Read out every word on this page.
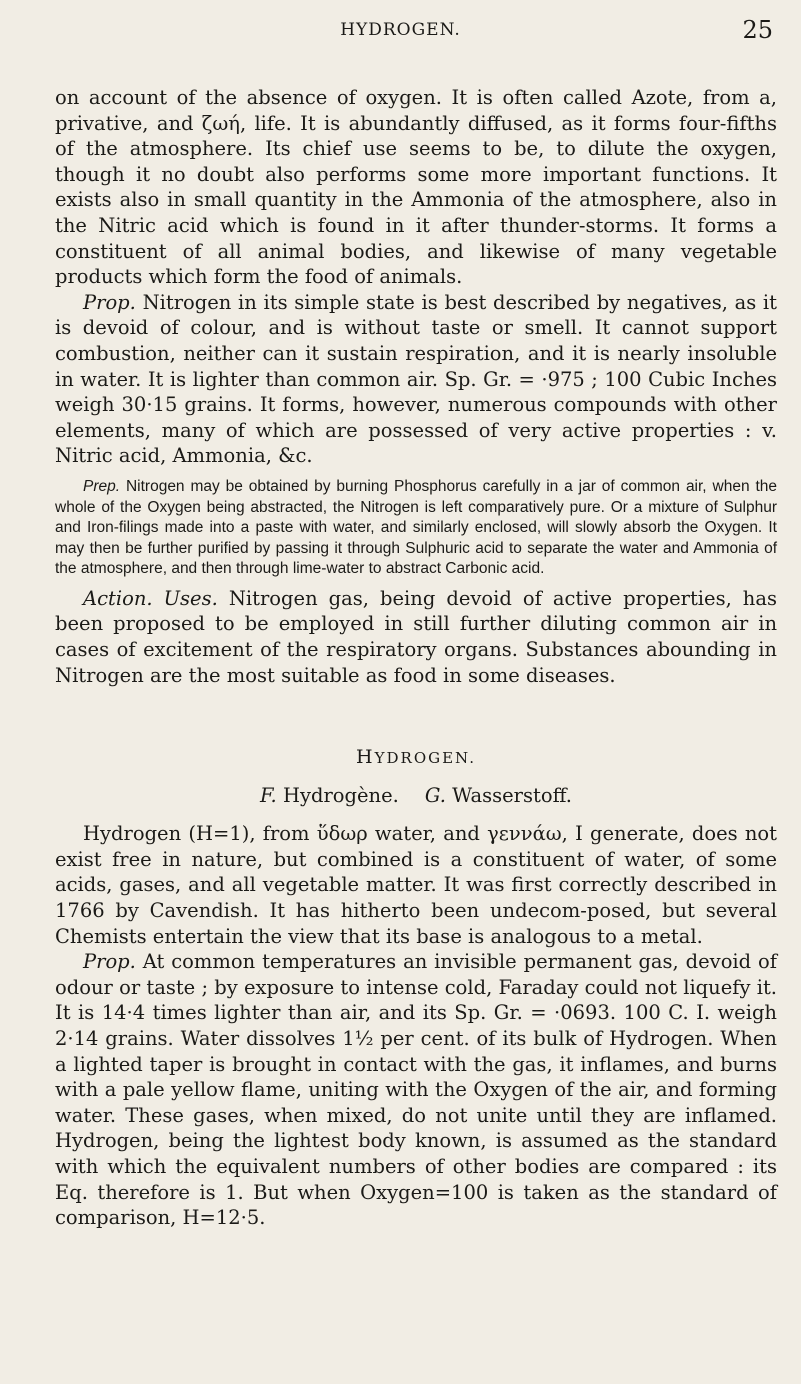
HYDROGEN.	25

on account of the absence of oxygen. It is often called Azote, from a, privative, and ζωή, life. It is abundantly diffused, as it forms four-fifths of the atmosphere. Its chief use seems to be, to dilute the oxygen, though it no doubt also performs some more important functions. It exists also in small quantity in the Ammonia of the atmosphere, also in the Nitric acid which is found in it after thunder-storms. It forms a constituent of all animal bodies, and likewise of many vegetable products which form the food of animals.

Prop. Nitrogen in its simple state is best described by negatives, as it is devoid of colour, and is without taste or smell. It cannot support combustion, neither can it sustain respiration, and it is nearly insoluble in water. It is lighter than common air. Sp. Gr. = ·975 ; 100 Cubic Inches weigh 30·15 grains. It forms, however, numerous compounds with other elements, many of which are possessed of very active properties : v. Nitric acid, Ammonia, &c.

Prep. Nitrogen may be obtained by burning Phosphorus carefully in a jar of common air, when the whole of the Oxygen being abstracted, the Nitrogen is left comparatively pure. Or a mixture of Sulphur and Iron-filings made into a paste with water, and similarly enclosed, will slowly absorb the Oxygen. It may then be further purified by passing it through Sulphuric acid to separate the water and Ammonia of the atmosphere, and then through lime-water to abstract Carbonic acid.

Action. Uses. Nitrogen gas, being devoid of active properties, has been proposed to be employed in still further diluting common air in cases of excitement of the respiratory organs. Substances abounding in Nitrogen are the most suitable as food in some diseases.

HYDROGEN.
F. Hydrogène. G. Wasserstoff.

Hydrogen (H=1), from ὕδωρ water, and γεννάω, I generate, does not exist free in nature, but combined is a constituent of water, of some acids, gases, and all vegetable matter. It was first correctly described in 1766 by Cavendish. It has hitherto been undecom-posed, but several Chemists entertain the view that its base is analogous to a metal.

Prop. At common temperatures an invisible permanent gas, devoid of odour or taste ; by exposure to intense cold, Faraday could not liquefy it. It is 14·4 times lighter than air, and its Sp. Gr. = ·0693. 100 C. I. weigh 2·14 grains. Water dissolves 1½ per cent. of its bulk of Hydrogen. When a lighted taper is brought in contact with the gas, it inflames, and burns with a pale yellow flame, uniting with the Oxygen of the air, and forming water. These gases, when mixed, do not unite until they are inflamed. Hydrogen, being the lightest body known, is assumed as the standard with which the equivalent numbers of other bodies are compared : its Eq. therefore is 1. But when Oxygen=100 is taken as the standard of comparison, H=12·5.
